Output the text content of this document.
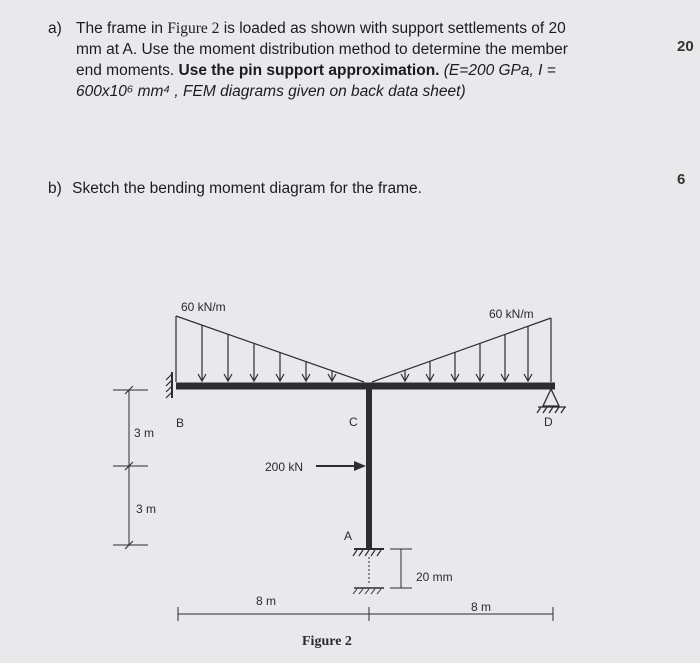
a) The frame in Figure 2 is loaded as shown with support settlements of 20
mm at A. Use the moment distribution method to determine the member
end moments. Use the pin support approximation. (E=200 GPa, I =
600x10⁶ mm⁴ , FEM diagrams given on back data sheet)
20
b) Sketch the bending moment diagram for the frame.
6
60 kN/m	60 kN/m
B	C
A
D
3 m
3 m
200 kN
20 mm
8 m	8 m
Figure 2
